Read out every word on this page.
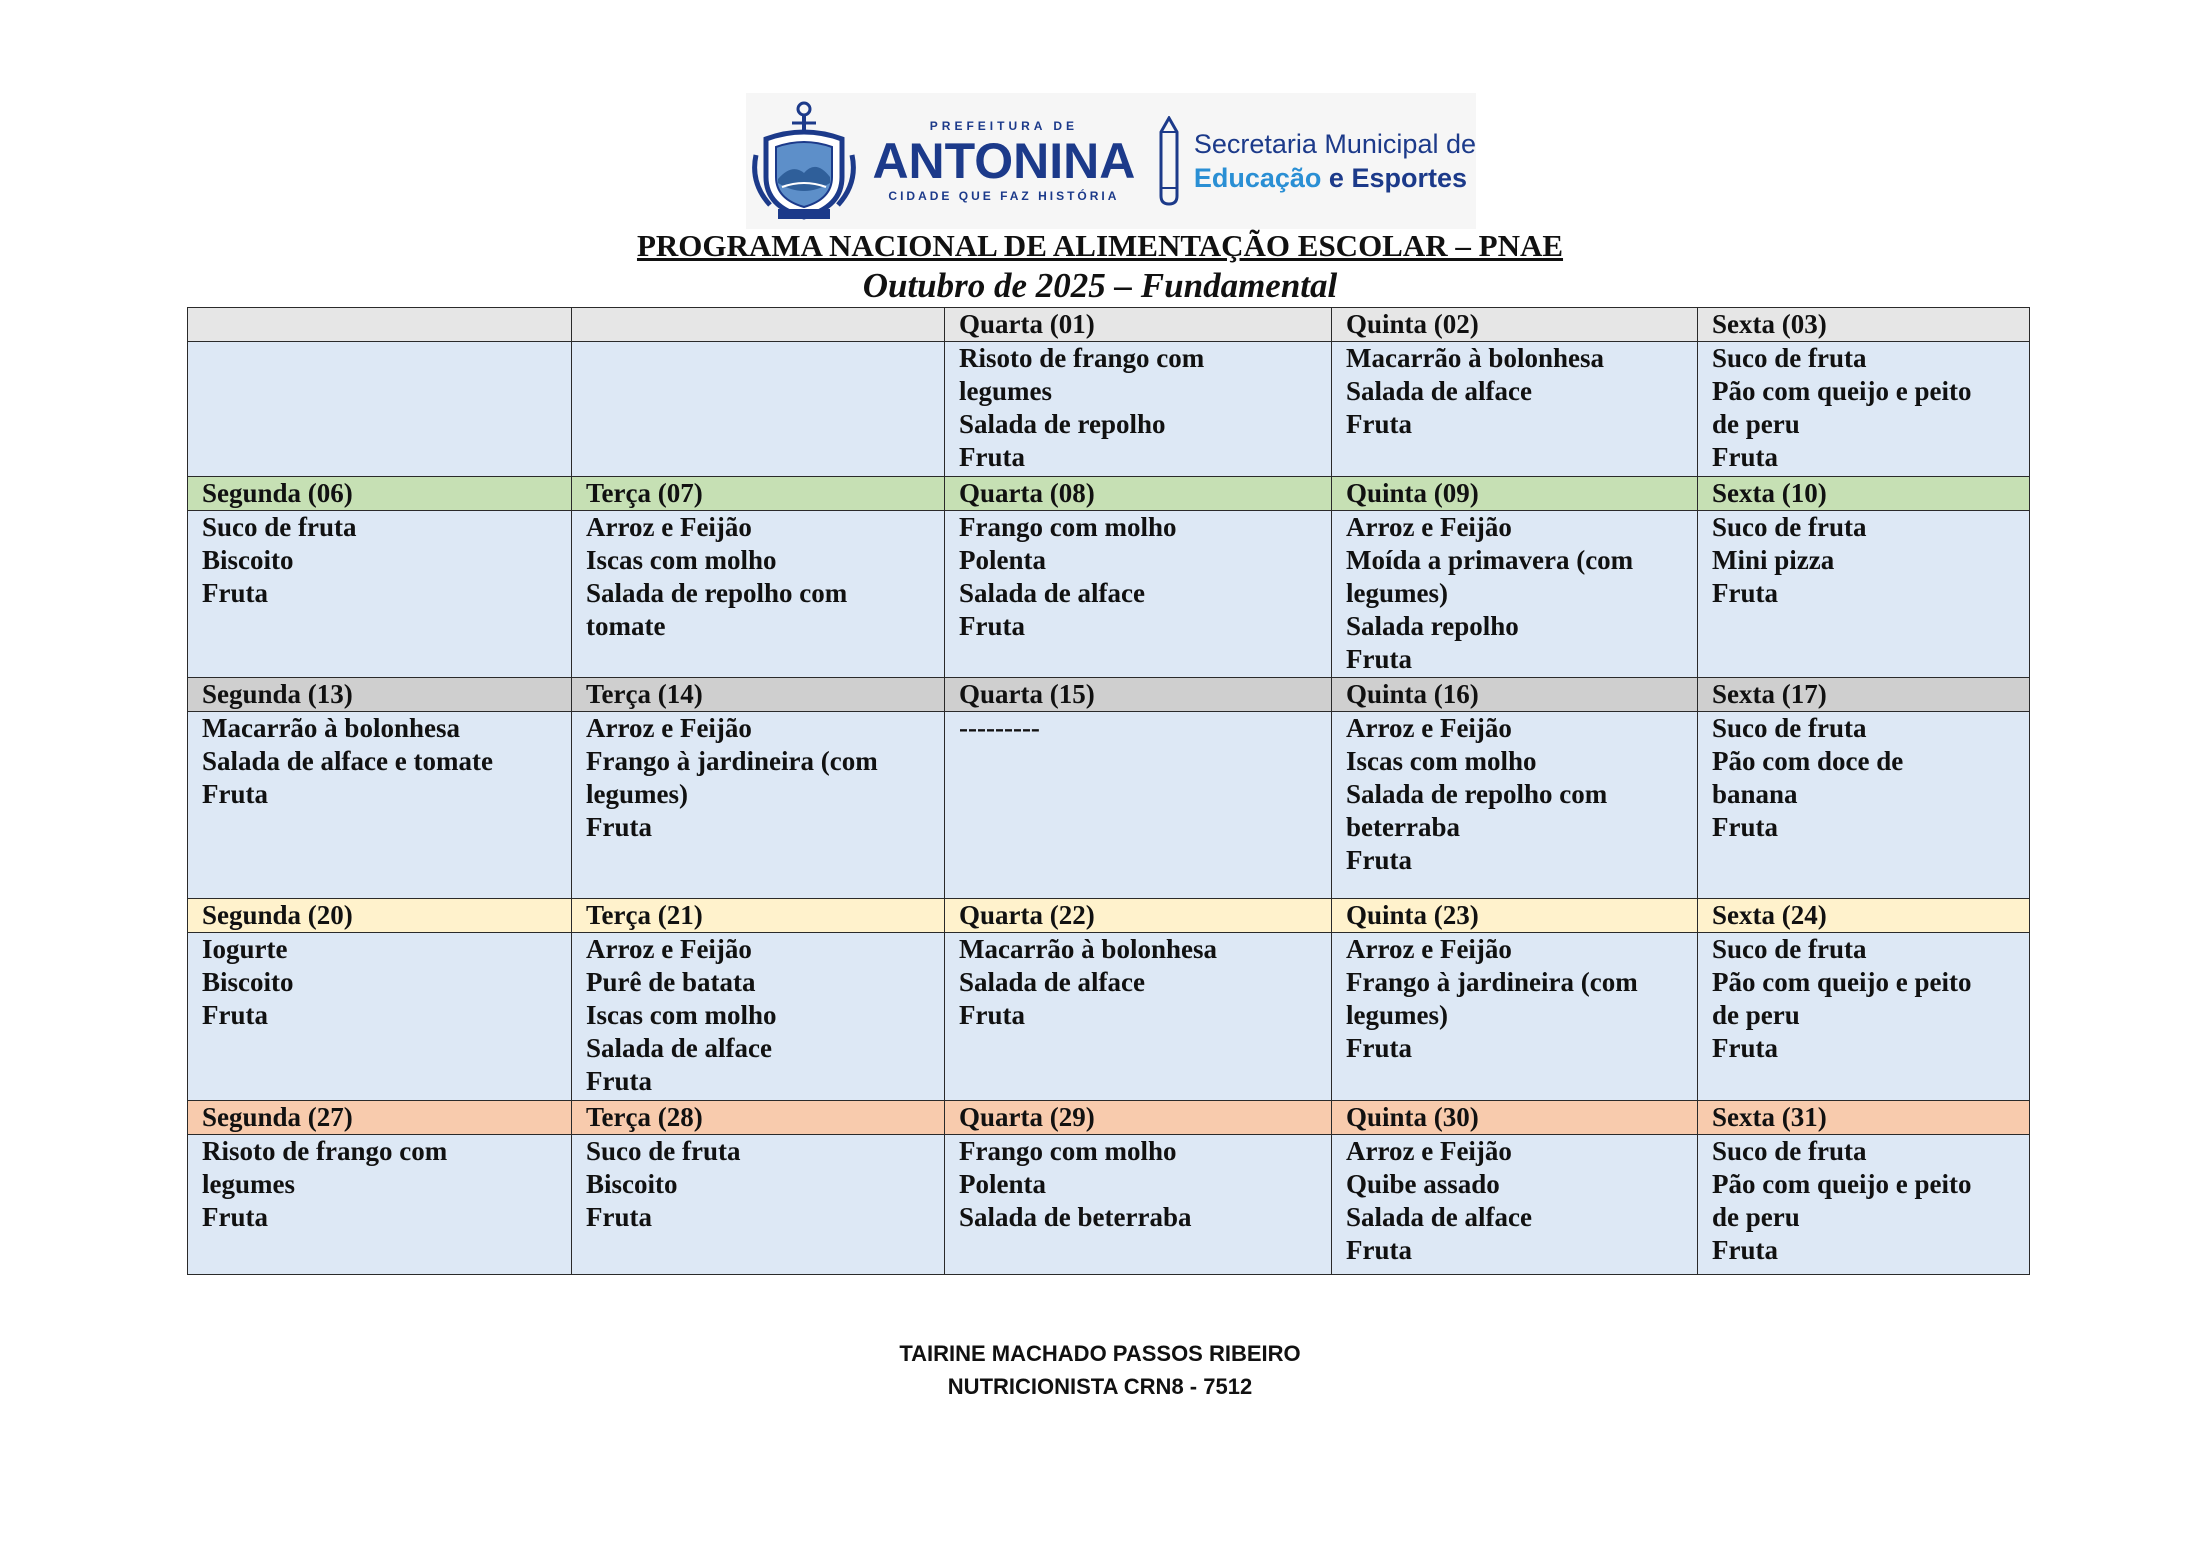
PREFEITURA DE
ANTONINA
CIDADE QUE FAZ HISTÓRIA
Secretaria Municipal de
Educação e Esportes
PROGRAMA NACIONAL DE ALIMENTAÇÃO ESCOLAR – PNAE
Outubro de 2025 – Fundamental
		Quarta (01)	Quinta (02)	Sexta (03)

		Risoto de frango com
legumes
Salada de repolho
Fruta	Macarrão à bolonhesa
Salada de alface
Fruta	Suco de fruta
Pão com queijo e peito
de peru
Fruta

Segunda (06)	Terça (07)	Quarta (08)	Quinta (09)	Sexta (10)

Suco de fruta
Biscoito
Fruta	Arroz e Feijão
Iscas com molho
Salada de repolho com
tomate	Frango com molho
Polenta
Salada de alface
Fruta	Arroz e Feijão
Moída a primavera (com
legumes)
Salada repolho
Fruta	Suco de fruta
Mini pizza
Fruta

Segunda (13)	Terça (14)	Quarta (15)	Quinta (16)	Sexta (17)

Macarrão à bolonhesa
Salada de alface e tomate
Fruta	Arroz e Feijão
Frango à jardineira (com
legumes)
Fruta	---------	Arroz e Feijão
Iscas com molho
Salada de repolho com
beterraba
Fruta	Suco de fruta
Pão com doce de
banana
Fruta

Segunda (20)	Terça (21)	Quarta (22)	Quinta (23)	Sexta (24)

Iogurte
Biscoito
Fruta	Arroz e Feijão
Purê de batata
Iscas com molho
Salada de alface
Fruta	Macarrão à bolonhesa
Salada de alface
Fruta	Arroz e Feijão
Frango à jardineira (com
legumes)
Fruta	Suco de fruta
Pão com queijo e peito
de peru
Fruta

Segunda (27)	Terça (28)	Quarta (29)	Quinta (30)	Sexta (31)

Risoto de frango com
legumes
Fruta	Suco de fruta
Biscoito
Fruta	Frango com molho
Polenta
Salada de beterraba	Arroz e Feijão
Quibe assado
Salada de alface
Fruta	Suco de fruta
Pão com queijo e peito
de peru
Fruta
TAIRINE MACHADO PASSOS RIBEIRO
NUTRICIONISTA CRN8 - 7512
